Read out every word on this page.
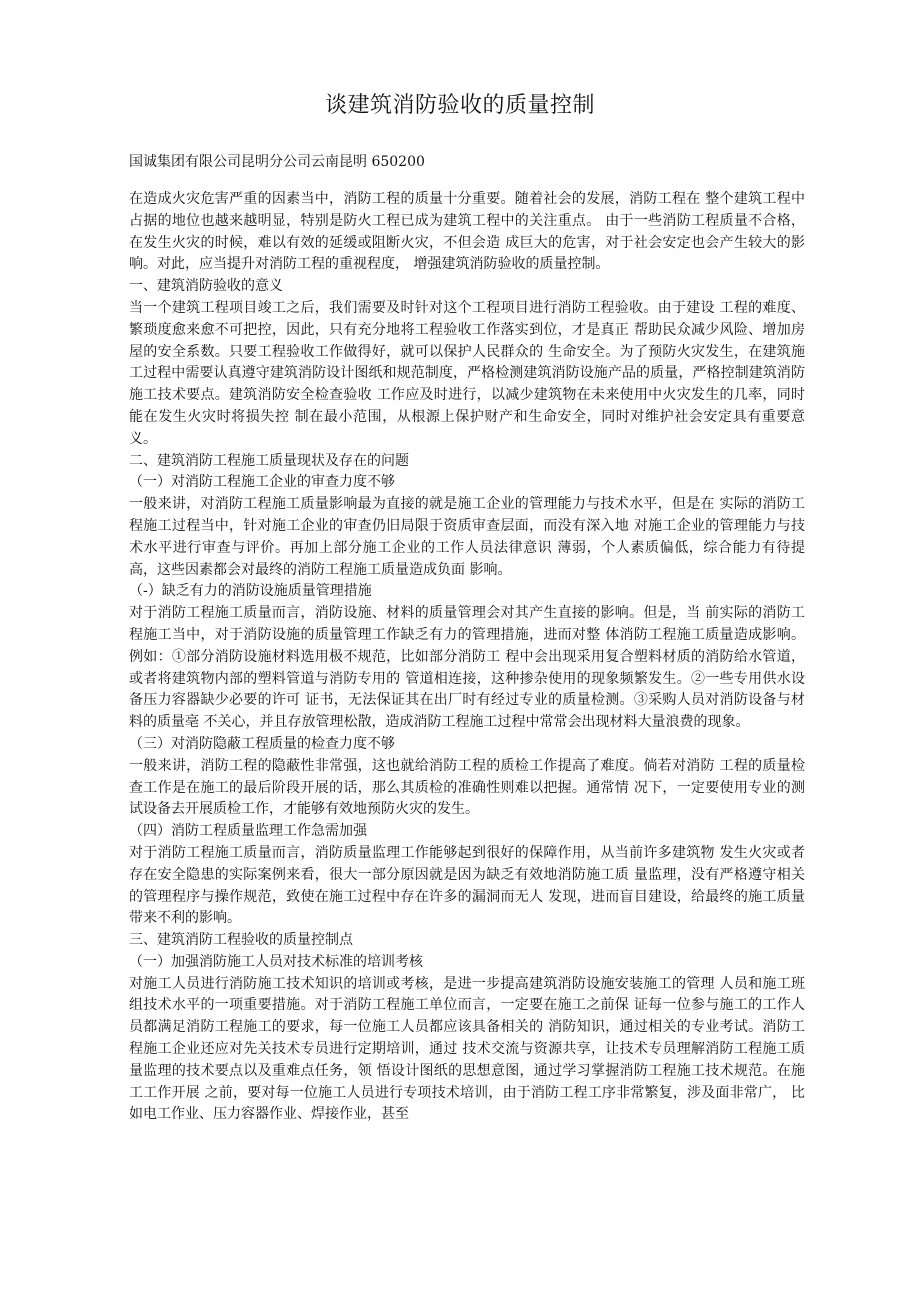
谈建筑消防验收的质量控制
国诚集团有限公司昆明分公司云南昆明 650200

在造成火灾危害严重的因素当中，消防工程的质量十分重要。随着社会的发展，消防工程在 整个建筑工程中占据的地位也越来越明显，特别是防火工程已成为建筑工程中的关注重点。 由于一些消防工程质量不合格，在发生火灾的时候，难以有效的延缓或阻断火灾，不但会造 成巨大的危害，对于社会安定也会产生较大的影响。对此，应当提升对消防工程的重视程度， 增强建筑消防验收的质量控制。

一、建筑消防验收的意义

当一个建筑工程项目竣工之后，我们需要及时针对这个工程项目进行消防工程验收。由于建设 工程的难度、繁琐度愈来愈不可把控，因此，只有充分地将工程验收工作落实到位，才是真正 帮助民众减少风险、增加房屋的安全系数。只要工程验收工作做得好，就可以保护人民群众的 生命安全。为了预防火灾发生，在建筑施工过程中需要认真遵守建筑消防设计图纸和规范制度，严格检测建筑消防设施产品的质量，严格控制建筑消防施工技术要点。建筑消防安全检查验收 工作应及时进行，以减少建筑物在未来使用中火灾发生的几率，同时能在发生火灾时将损失控 制在最小范围，从根源上保护财产和生命安全，同时对维护社会安定具有重要意义。

二、建筑消防工程施工质量现状及存在的问题

（一）对消防工程施工企业的审查力度不够

一般来讲，对消防工程施工质量影响最为直接的就是施工企业的管理能力与技术水平，但是在 实际的消防工程施工过程当中，针对施工企业的审查仍旧局限于资质审查层面，而没有深入地 对施工企业的管理能力与技术水平进行审查与评价。再加上部分施工企业的工作人员法律意识 薄弱，个人素质偏低，综合能力有待提高，这些因素都会对最终的消防工程施工质量造成负面 影响。

（-）缺乏有力的消防设施质量管理措施

对于消防工程施工质量而言，消防设施、材料的质量管理会对其产生直接的影响。但是，当 前实际的消防工程施工当中，对于消防设施的质量管理工作缺乏有力的管理措施，进而对整 体消防工程施工质量造成影响。例如：①部分消防设施材料选用极不规范，比如部分消防工 程中会出现采用复合塑料材质的消防给水管道，或者将建筑物内部的塑料管道与消防专用的 管道相连接，这种掺杂使用的现象频繁发生。②一些专用供水设备压力容器缺少必要的许可 证书，无法保证其在出厂时有经过专业的质量检测。③采购人员对消防设备与材料的质量亳 不关心，并且存放管理松散，造成消防工程施工过程中常常会出现材料大量浪费的现象。

（三）对消防隐蔽工程质量的检查力度不够

一般来讲，消防工程的隐蔽性非常强，这也就给消防工程的质检工作提高了难度。倘若对消防 工程的质量检查工作是在施工的最后阶段开展的话，那么其质检的准确性则难以把握。通常情 况下，一定要使用专业的测试设备去开展质检工作，才能够有效地预防火灾的发生。

（四）消防工程质量监理工作急需加强

对于消防工程施工质量而言，消防质量监理工作能够起到很好的保障作用，从当前许多建筑物 发生火灾或者存在安全隐患的实际案例来看，很大一部分原因就是因为缺乏有效地消防施工质 量监理，没有严格遵守相关的管理程序与操作规范，致使在施工过程中存在许多的漏洞而无人 发现，进而盲目建设，给最终的施工质量带来不利的影响。

三、建筑消防工程验收的质量控制点

（一）加强消防施工人员对技术标准的培训考核

对施工人员进行消防施工技术知识的培训或考核，是进一步提高建筑消防设施安装施工的管理 人员和施工班组技术水平的一项重要措施。对于消防工程施工单位而言，一定要在施工之前保 证每一位参与施工的工作人员都满足消防工程施工的要求，每一位施工人员都应该具备相关的 消防知识，通过相关的专业考试。消防工程施工企业还应对先关技术专员进行定期培训，通过 技术交流与资源共享，让技术专员理解消防工程施工质量监理的技术要点以及重难点任务，领 悟设计图纸的思想意图，通过学习掌握消防工程施工技术规范。在施工工作开展 之前，要对每一位施工人员进行专项技术培训，由于消防工程工序非常繁复，涉及面非常广， 比如电工作业、压力容器作业、焊接作业，甚至
